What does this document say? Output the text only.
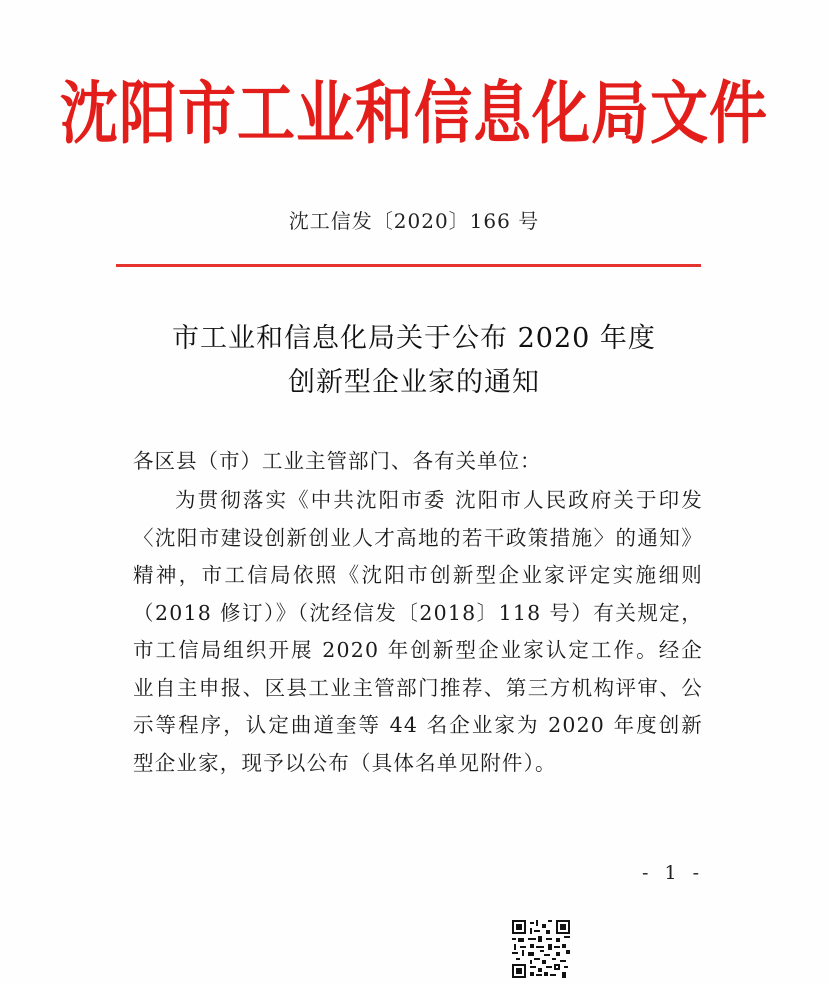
沈阳市工业和信息化局文件
沈工信发〔2020〕166 号
市工业和信息化局关于公布 2020 年度
创新型企业家的通知
各区县（市）工业主管部门、各有关单位：
为贯彻落实《中共沈阳市委 沈阳市人民政府关于印发〈沈阳市建设创新创业人才高地的若干政策措施〉的通知》精神，市工信局依照《沈阳市创新型企业家评定实施细则（2018 修订）》（沈经信发〔2018〕118 号）有关规定，市工信局组织开展 2020 年创新型企业家认定工作。经企业自主申报、区县工业主管部门推荐、第三方机构评审、公示等程序，认定曲道奎等 44 名企业家为 2020 年度创新型企业家，现予以公布（具体名单见附件）。
- 1 -
